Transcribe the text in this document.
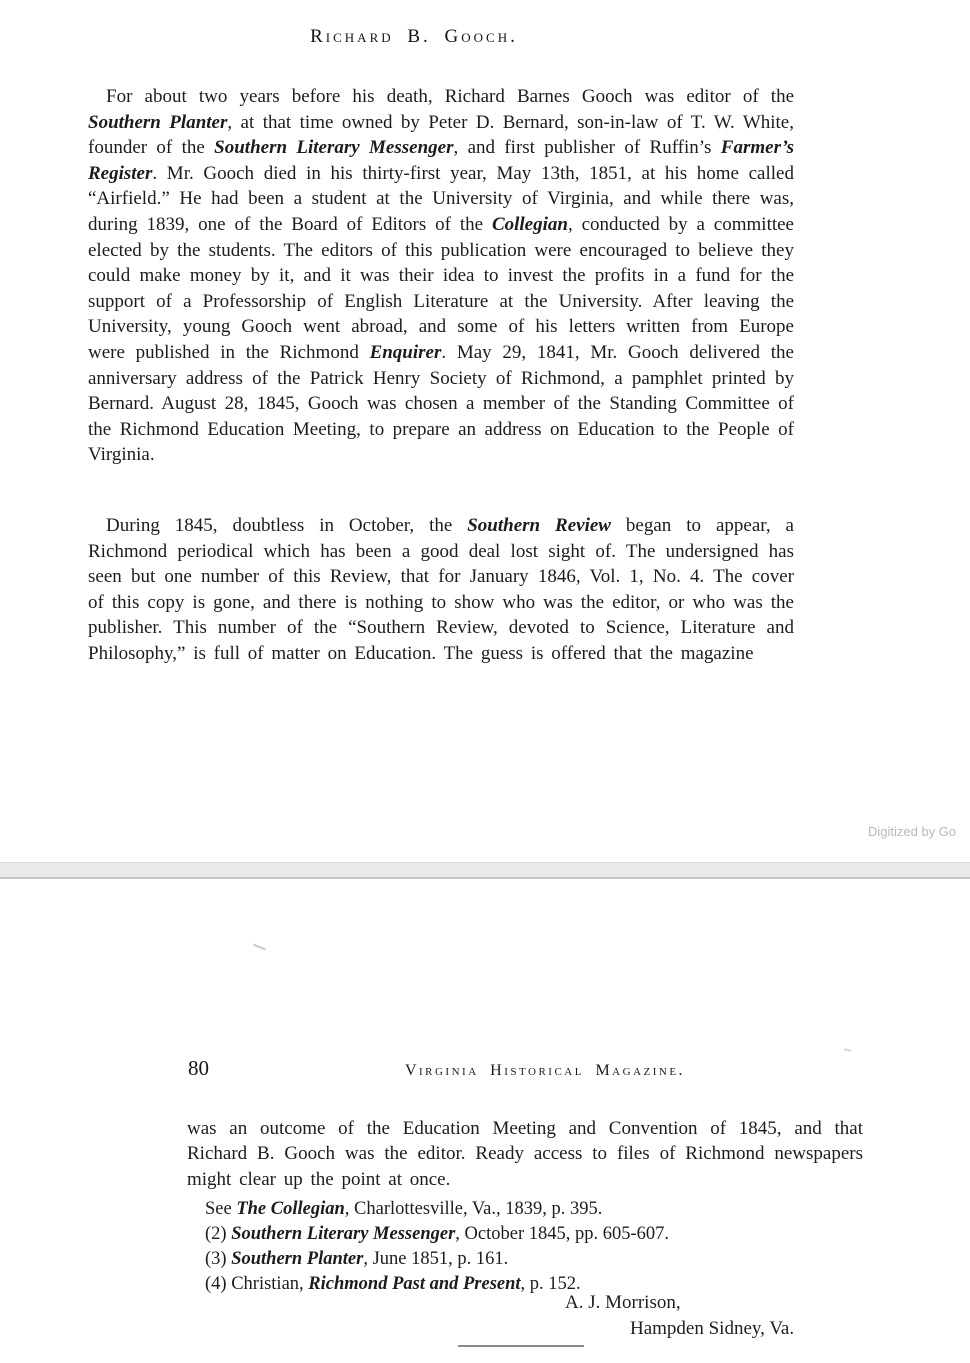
Richard B. Gooch.
For about two years before his death, Richard Barnes Gooch was editor of the Southern Planter, at that time owned by Peter D. Bernard, son-in-law of T. W. White, founder of the Southern Literary Messenger, and first publisher of Ruffin’s Farmer’s Register. Mr. Gooch died in his thirty-first year, May 13th, 1851, at his home called “Airfield.” He had been a student at the University of Virginia, and while there was, during 1839, one of the Board of Editors of the Collegian, conducted by a committee elected by the students. The editors of this publication were encouraged to believe they could make money by it, and it was their idea to invest the profits in a fund for the support of a Professorship of English Literature at the University. After leaving the University, young Gooch went abroad, and some of his letters written from Europe were published in the Richmond Enquirer. May 29, 1841, Mr. Gooch delivered the anniversary address of the Patrick Henry Society of Richmond, a pamphlet printed by Bernard. August 28, 1845, Gooch was chosen a member of the Standing Committee of the Richmond Education Meeting, to prepare an address on Education to the People of Virginia.
During 1845, doubtless in October, the Southern Review began to appear, a Richmond periodical which has been a good deal lost sight of. The undersigned has seen but one number of this Review, that for January 1846, Vol. 1, No. 4. The cover of this copy is gone, and there is nothing to show who was the editor, or who was the publisher. This number of the “Southern Review, devoted to Science, Literature and Philosophy,” is full of matter on Education. The guess is offered that the magazine
Digitized by Go
80	Virginia Historical Magazine.
was an outcome of the Education Meeting and Convention of 1845, and that Richard B. Gooch was the editor. Ready access to files of Richmond newspapers might clear up the point at once.
See The Collegian, Charlottesville, Va., 1839, p. 395.
(2) Southern Literary Messenger, October 1845, pp. 605-607.
(3) Southern Planter, June 1851, p. 161.
(4) Christian, Richmond Past and Present, p. 152.
A. J. Morrison,
Hampden Sidney, Va.
